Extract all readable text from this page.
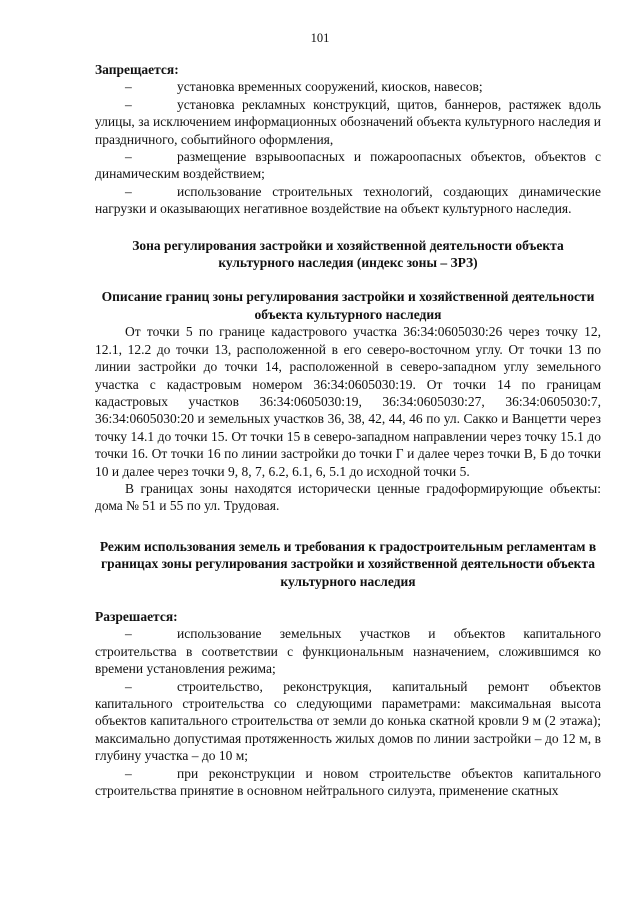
101

Запрещается:

–	установка временных сооружений, киосков, навесов;

–	установка рекламных конструкций, щитов, баннеров, растяжек вдоль улицы, за исключением информационных обозначений объекта культурного наследия и праздничного, событийного оформления,

–	размещение взрывоопасных и пожароопасных объектов, объектов с динамическим воздействием;

–	использование строительных технологий, создающих динамические нагрузки и оказывающих негативное воздействие на объект культурного наследия.

Зона регулирования застройки и хозяйственной деятельности объекта культурного наследия (индекс зоны – ЗРЗ)

Описание границ зоны регулирования застройки и хозяйственной деятельности объекта культурного наследия

От точки 5 по границе кадастрового участка 36:34:0605030:26 через точку 12, 12.1, 12.2 до точки 13, расположенной в его северо-восточном углу. От точки 13 по линии застройки до точки 14, расположенной в северо-западном углу земельного участка с кадастровым номером 36:34:0605030:19. От точки 14 по границам кадастровых участков 36:34:0605030:19, 36:34:0605030:27, 36:34:0605030:7, 36:34:0605030:20 и земельных участков 36, 38, 42, 44, 46 по ул. Сакко и Ванцетти через точку 14.1 до точки 15. От точки 15 в северо-западном направлении через точку 15.1 до точки 16. От точки 16 по линии застройки до точки Г и далее через точки В, Б до точки 10 и далее через точки 9, 8, 7, 6.2, 6.1, 6, 5.1 до исходной точки 5.

В границах зоны находятся исторически ценные градоформирующие объекты: дома № 51 и 55 по ул. Трудовая.

Режим использования земель и требования к градостроительным регламентам в границах зоны регулирования застройки и хозяйственной деятельности объекта культурного наследия

Разрешается:

–	использование земельных участков и объектов капитального строительства в соответствии с функциональным назначением, сложившимся ко времени установления режима;

–	строительство, реконструкция, капитальный ремонт объектов капитального строительства со следующими параметрами: максимальная высота объектов капитального строительства от земли до конька скатной кровли 9 м (2 этажа); максимально допустимая протяженность жилых домов по линии застройки – до 12 м, в глубину участка – до 10 м;

–	при реконструкции и новом строительстве объектов капитального строительства принятие в основном нейтрального силуэта, применение скатных
